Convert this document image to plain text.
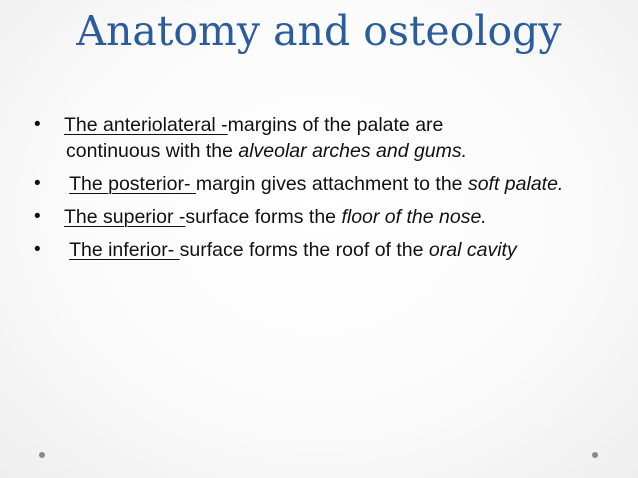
Anatomy and osteology
• The anteriolateral -margins of the palate are
continuous with the alveolar arches and gums.
• The posterior- margin gives attachment to the soft palate.
• The superior -surface forms the floor of the nose.
• The inferior- surface forms the roof of the oral cavity
